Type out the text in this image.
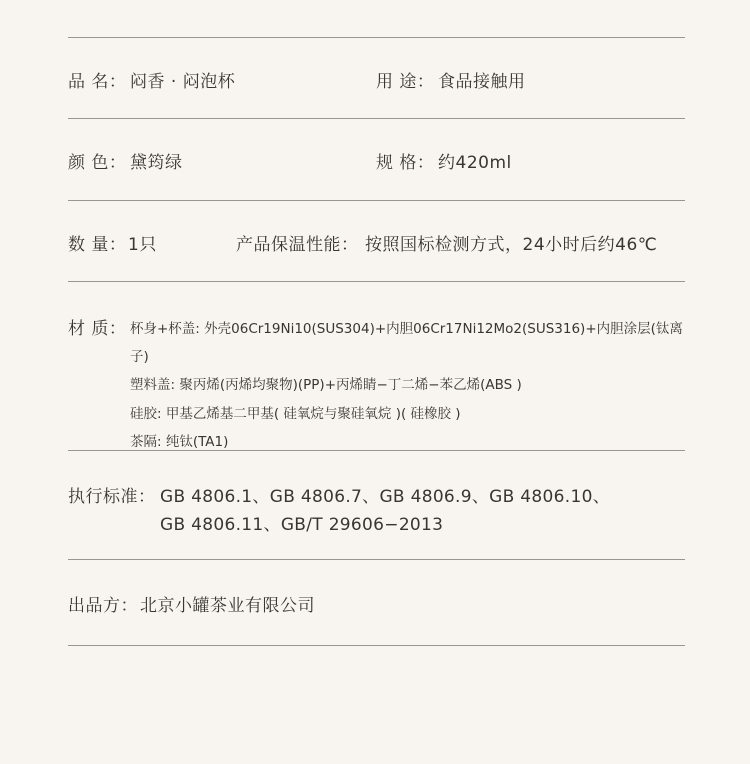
品 名： 闷香 · 闷泡杯	用 途： 食品接触用
颜 色： 黛筠绿	规 格： 约420ml
数 量： 1只	产品保温性能： 按照国标检测方式，24小时后约46℃
材 质： 杯身+杯盖: 外壳06Cr19Ni10(SUS304)+内胆06Cr17Ni12Mo2(SUS316)+内胆涂层(钛离
子)
塑料盖: 聚丙烯(丙烯均聚物)(PP)+丙烯睛−丁二烯−苯乙烯(ABS )
硅胶: 甲基乙烯基二甲基( 硅氧烷与聚硅氧烷 )( 硅橡胶 )
茶隔: 纯钛(TA1)
执行标准： GB 4806.1、GB 4806.7、GB 4806.9、GB 4806.10、
GB 4806.11、GB/T 29606−2013
出品方： 北京小罐茶业有限公司
